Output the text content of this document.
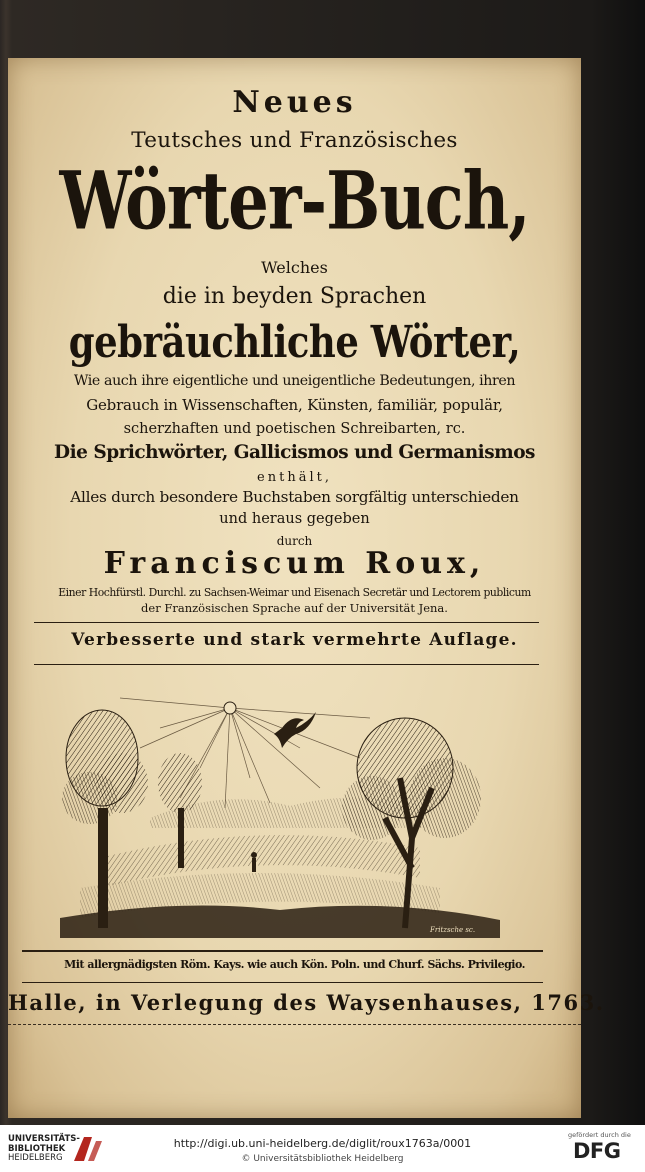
Neues
Teutsches und Französisches
Wörter-Buch,
Welches
die in beyden Sprachen
gebräuchliche Wörter,
Wie auch ihre eigentliche und uneigentliche Bedeutungen, ihren
Gebrauch in Wissenschaften, Künsten, familiär, populär,
scherzhaften und poetischen Schreibarten, rc.
Die Sprichwörter, Gallicismos und Germanismos
enthält,
Alles durch besondere Buchstaben sorgfältig unterschieden
und heraus gegeben
durch
Franciscum Roux,
Einer Hochfürstl. Durchl. zu Sachsen-Weimar und Eisenach Secretär und Lectorem publicum
der Französischen Sprache auf der Universität Jena.
Verbesserte und stark vermehrte Auflage.
Fritzsche sc.
Mit allergnädigsten Röm. Kays. wie auch Kön. Poln. und Churf. Sächs. Privilegio.
Halle, in Verlegung des Waysenhauses, 1763.
UNIVERSITÄTS-
BIBLIOTHEK
HEIDELBERG
http://digi.ub.uni-heidelberg.de/diglit/roux1763a/0001
© Universitätsbibliothek Heidelberg
gefördert durch die
DFG
